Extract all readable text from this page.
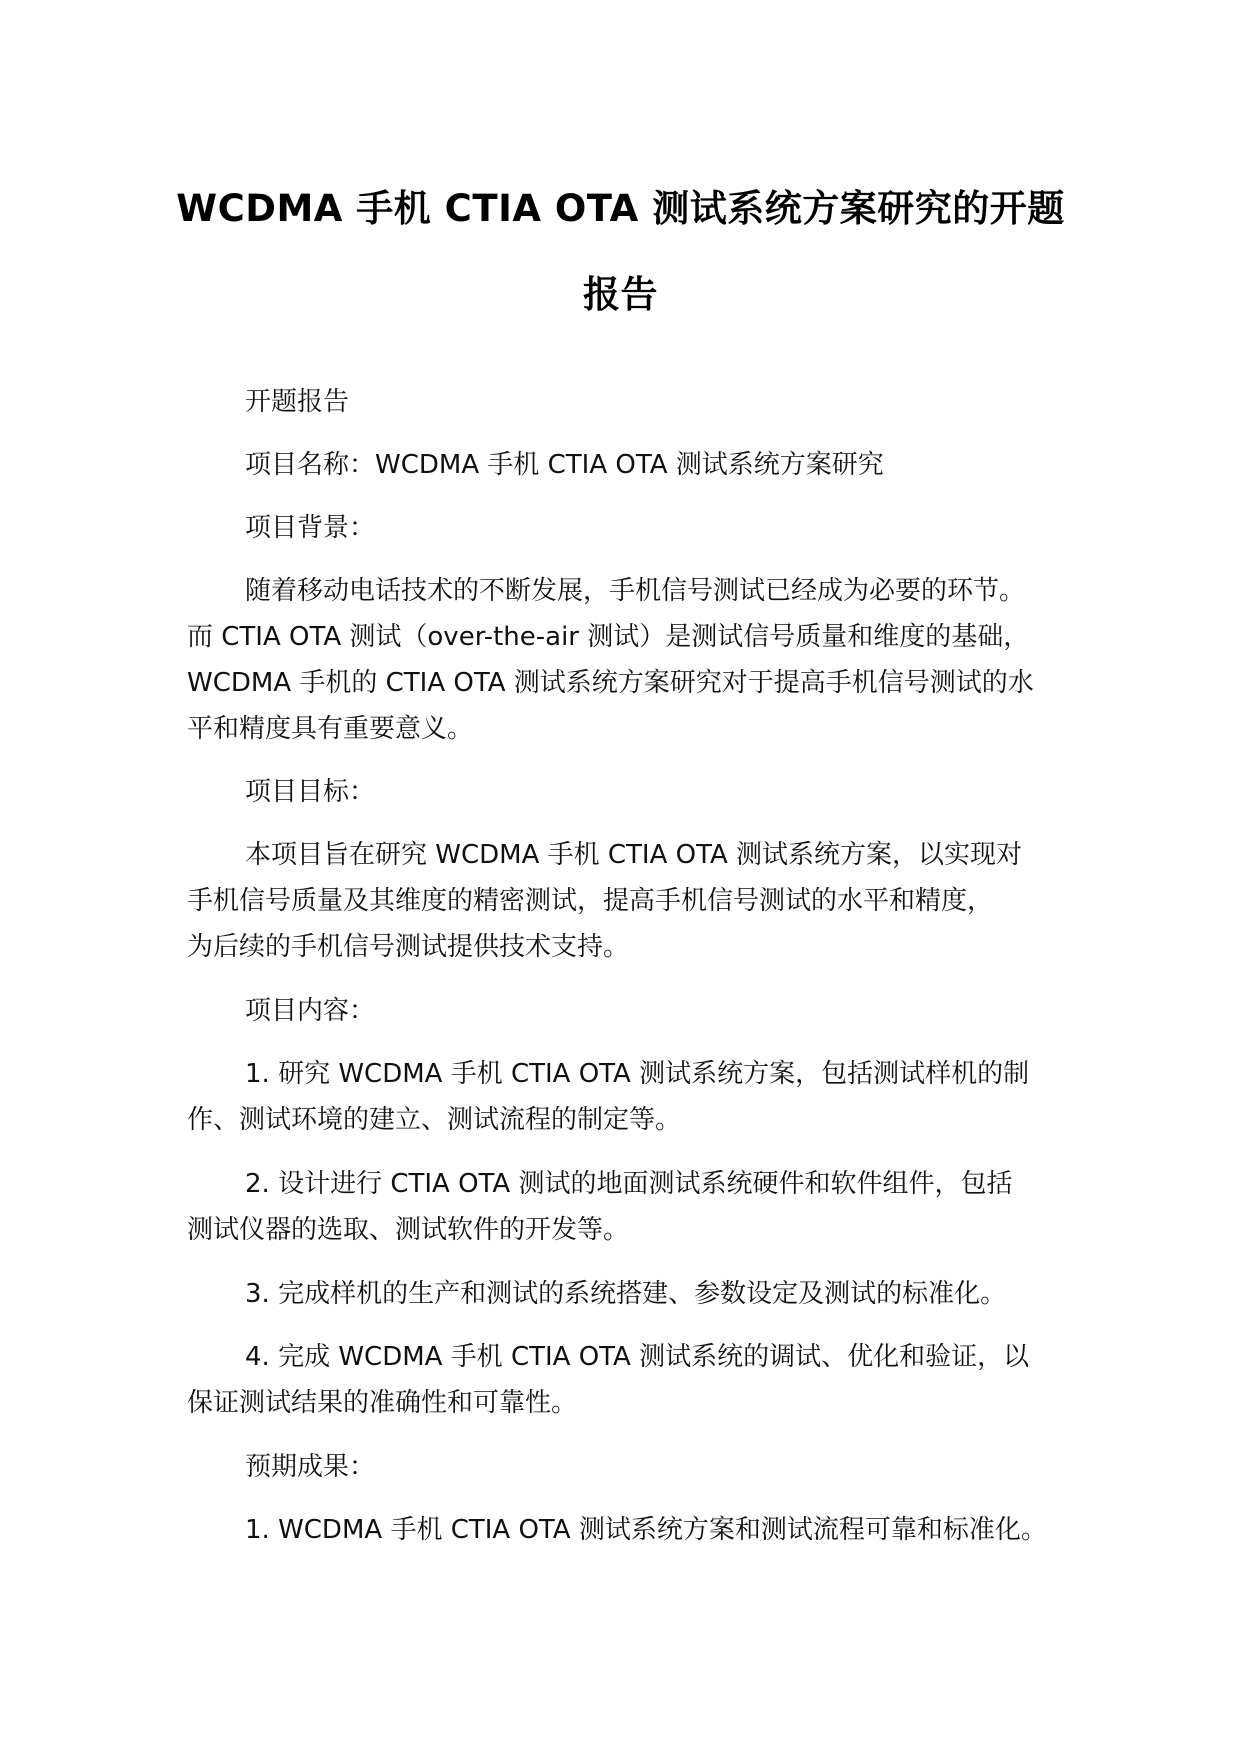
WCDMA 手机 CTIA OTA 测试系统方案研究的开题
报告
开题报告
项目名称：WCDMA 手机 CTIA OTA 测试系统方案研究
项目背景：
随着移动电话技术的不断发展，手机信号测试已经成为必要的环节。
而 CTIA OTA 测试（over-the-air 测试）是测试信号质量和维度的基础，
WCDMA 手机的 CTIA OTA 测试系统方案研究对于提高手机信号测试的水
平和精度具有重要意义。
项目目标：
本项目旨在研究 WCDMA 手机 CTIA OTA 测试系统方案，以实现对
手机信号质量及其维度的精密测试，提高手机信号测试的水平和精度，
为后续的手机信号测试提供技术支持。
项目内容：
1. 研究 WCDMA 手机 CTIA OTA 测试系统方案，包括测试样机的制
作、测试环境的建立、测试流程的制定等。
2. 设计进行 CTIA OTA 测试的地面测试系统硬件和软件组件，包括
测试仪器的选取、测试软件的开发等。
3. 完成样机的生产和测试的系统搭建、参数设定及测试的标准化。
4. 完成 WCDMA 手机 CTIA OTA 测试系统的调试、优化和验证，以
保证测试结果的准确性和可靠性。
预期成果：
1. WCDMA 手机 CTIA OTA 测试系统方案和测试流程可靠和标准化。
